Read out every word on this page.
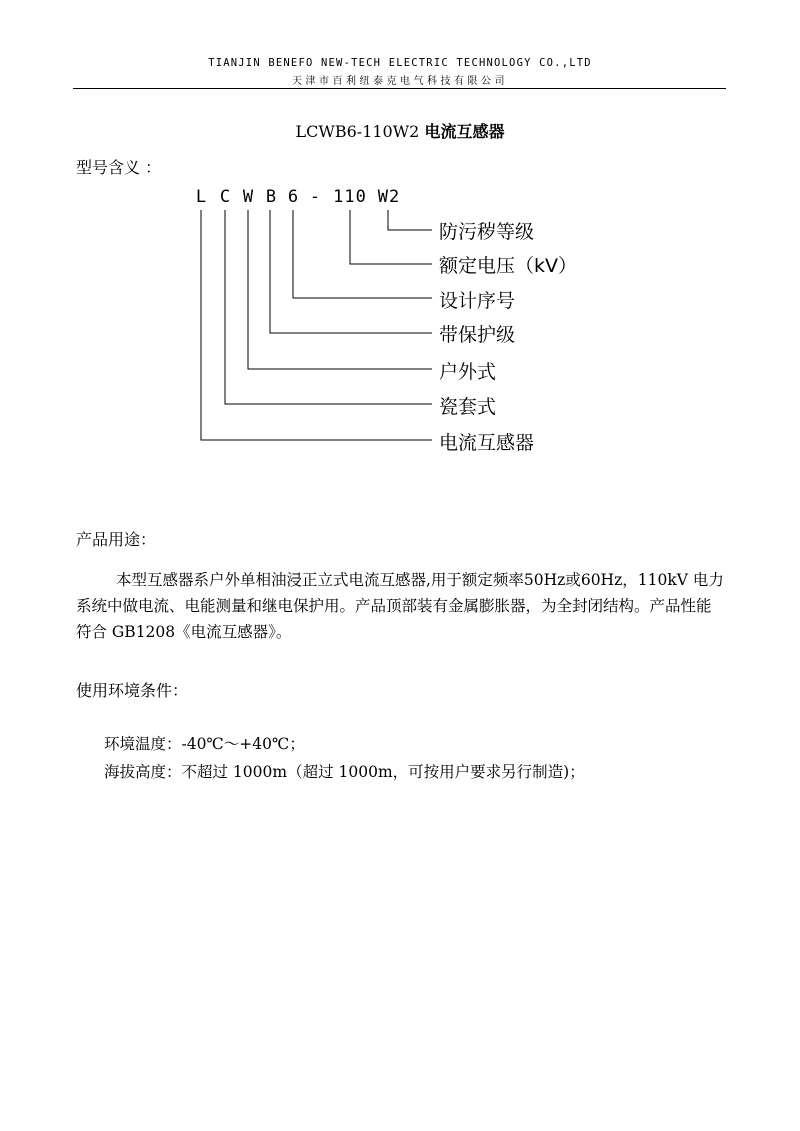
TIANJIN BENEFO NEW-TECH ELECTRIC TECHNOLOGY CO.,LTD
天津市百利纽泰克电气科技有限公司
LCWB6-110W2 电流互感器
型号含义 ：
L C W B 6 - 110 W2
防污秽等级
额定电压（kV）
设计序号
带保护级
户外式
瓷套式
电流互感器
产品用途：
本型互感器系户外单相油浸正立式电流互感器,用于额定频率50Hz或60Hz，110kV 电力系统中做电流、电能测量和继电保护用。产品顶部装有金属膨胀器，为全封闭结构。产品性能符合 GB1208《电流互感器》。
使用环境条件：
环境温度：-40℃～+40℃；
海拔高度：不超过 1000m（超过 1000m，可按用户要求另行制造)；
